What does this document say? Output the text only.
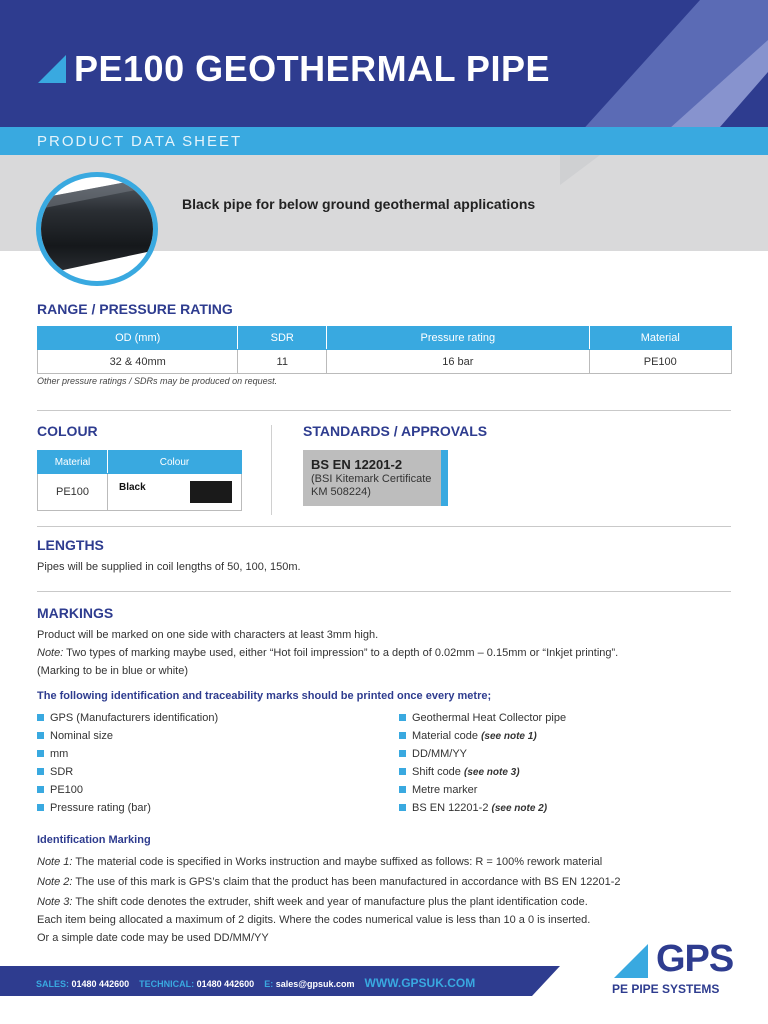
PE100 GEOTHERMAL PIPE
PRODUCT DATA SHEET
Black pipe for below ground geothermal applications
RANGE / PRESSURE RATING
OD (mm)	SDR	Pressure rating	Material
32 & 40mm	11	16 bar	PE100
Other pressure ratings / SDRs may be produced on request.
COLOUR
Material	Colour
PE100	Black
STANDARDS / APPROVALS
BS EN 12201-2
(BSI Kitemark Certificate KM 508224)
LENGTHS
Pipes will be supplied in coil lengths of 50, 100, 150m.
MARKINGS
Product will be marked on one side with characters at least 3mm high.
Note: Two types of marking maybe used, either “Hot foil impression” to a depth of 0.02mm – 0.15mm or “Inkjet printing”.
(Marking to be in blue or white)
The following identification and traceability marks should be printed once every metre;
GPS (Manufacturers identification)
Nominal size
mm
SDR
PE100
Pressure rating (bar)
Geothermal Heat Collector pipe
Material code (see note 1)
DD/MM/YY
Shift code (see note 3)
Metre marker
BS EN 12201-2 (see note 2)
Identification Marking
Note 1: The material code is specified in Works instruction and maybe suffixed as follows: R = 100% rework material
Note 2: The use of this mark is GPS’s claim that the product has been manufactured in accordance with BS EN 12201-2
Note 3: The shift code denotes the extruder, shift week and year of manufacture plus the plant identification code.
Each item being allocated a maximum of 2 digits. Where the codes numerical value is less than 10 a 0 is inserted.
Or a simple date code may be used DD/MM/YY
SALES: 01480 442600 TECHNICAL: 01480 442600 E: sales@gpsuk.com WWW.GPSUK.COM
GPS
PE PIPE SYSTEMS
